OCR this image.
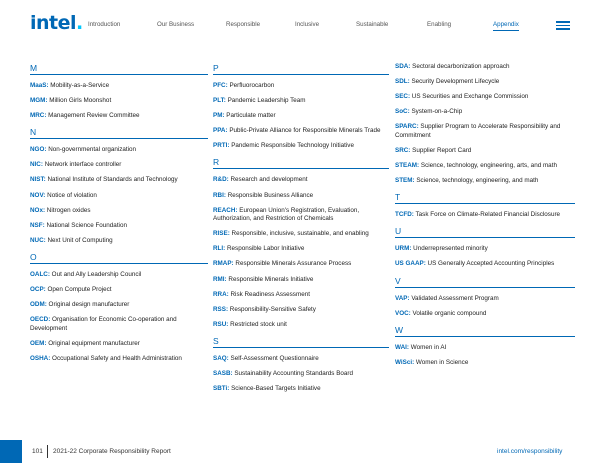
intel. Introduction	Our Business	Responsible	Inclusive	Sustainable	Enabling	Appendix
M
MaaS: Mobility-as-a-Service
MGM: Million Girls Moonshot
MRC: Management Review Committee
N
NGO: Non-governmental organization
NIC: Network interface controller
NIST: National Institute of Standards and Technology
NOV: Notice of violation
NOx: Nitrogen oxides
NSF: National Science Foundation
NUC: Next Unit of Computing
O
OALC: Out and Ally Leadership Council
OCP: Open Compute Project
ODM: Original design manufacturer
OECD: Organisation for Economic Co-operation and Development
OEM: Original equipment manufacturer
OSHA: Occupational Safety and Health Administration
P
PFC: Perfluorocarbon
PLT: Pandemic Leadership Team
PM: Particulate matter
PPA: Public-Private Alliance for Responsible Minerals Trade
PRTI: Pandemic Responsible Technology Initiative
R
R&D: Research and development
RBI: Responsible Business Alliance
REACH: European Union's Registration, Evaluation, Authorization, and Restriction of Chemicals
RISE: Responsible, inclusive, sustainable, and enabling
RLI: Responsible Labor Initiative
RMAP: Responsible Minerals Assurance Process
RMI: Responsible Minerals Initiative
RRA: Risk Readiness Assessment
RSS: Responsibility-Sensitive Safety
RSU: Restricted stock unit
S
SAQ: Self-Assessment Questionnaire
SASB: Sustainability Accounting Standards Board
SBTi: Science-Based Targets Initiative
SDA: Sectoral decarbonization approach
SDL: Security Development Lifecycle
SEC: US Securities and Exchange Commission
SoC: System-on-a-Chip
SPARC: Supplier Program to Accelerate Responsibility and Commitment
SRC: Supplier Report Card
STEAM: Science, technology, engineering, arts, and math
STEM: Science, technology, engineering, and math
T
TCFD: Task Force on Climate-Related Financial Disclosure
U
URM: Underrepresented minority
US GAAP: US Generally Accepted Accounting Principles
V
VAP: Validated Assessment Program
VOC: Volatile organic compound
W
WAI: Women in AI
WiSci: Women in Science
101 2021-22 Corporate Responsibility Report	intel.com/responsibility
